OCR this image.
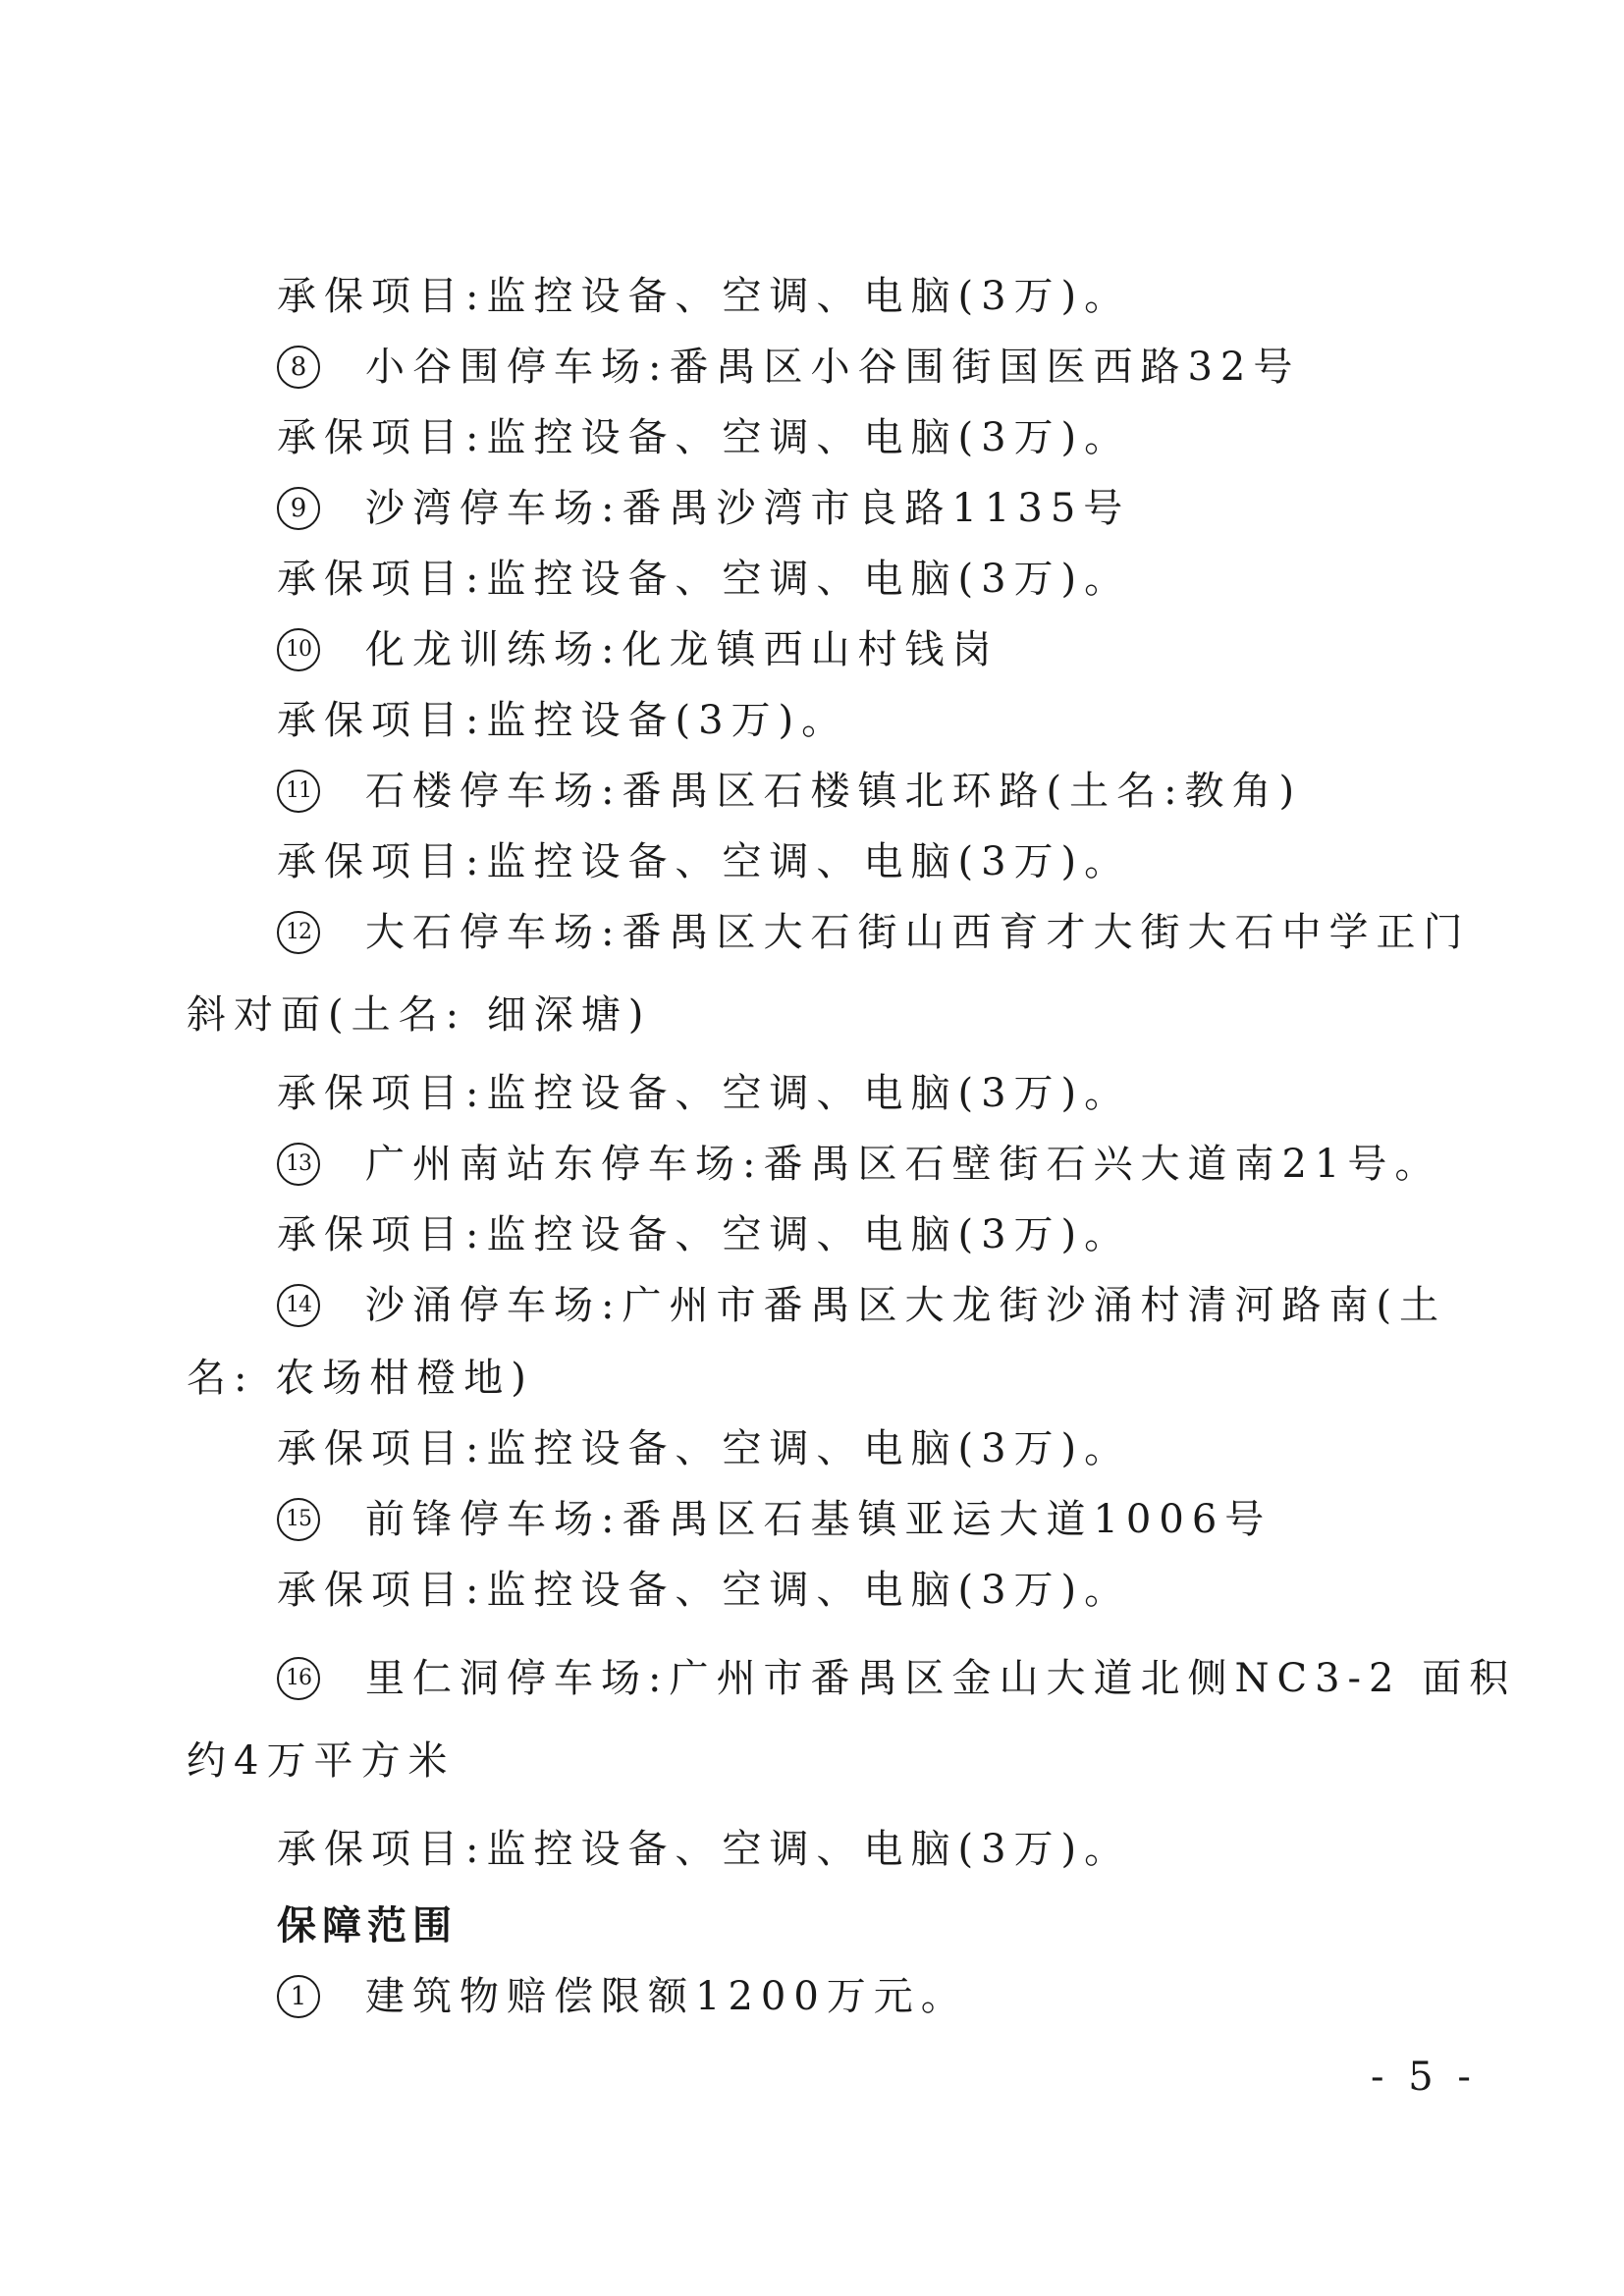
承保项目:监控设备、空调、电脑(3万)。
8 小谷围停车场:番禺区小谷围街国医西路32号
承保项目:监控设备、空调、电脑(3万)。
9 沙湾停车场:番禺沙湾市良路1135号
承保项目:监控设备、空调、电脑(3万)。
10 化龙训练场:化龙镇西山村钱岗
承保项目:监控设备(3万)。
11 石楼停车场:番禺区石楼镇北环路(土名:教角)
承保项目:监控设备、空调、电脑(3万)。
12 大石停车场:番禺区大石街山西育才大街大石中学正门
斜对面(土名: 细深塘)
承保项目:监控设备、空调、电脑(3万)。
13 广州南站东停车场:番禺区石壁街石兴大道南21号。
承保项目:监控设备、空调、电脑(3万)。
14 沙涌停车场:广州市番禺区大龙街沙涌村清河路南(土
名: 农场柑橙地)
承保项目:监控设备、空调、电脑(3万)。
15 前锋停车场:番禺区石基镇亚运大道1006号
承保项目:监控设备、空调、电脑(3万)。
16 里仁洞停车场:广州市番禺区金山大道北侧NC3-2 面积
约4万平方米
承保项目:监控设备、空调、电脑(3万)。
保障范围
1 建筑物赔偿限额1200万元。
- 5 -
